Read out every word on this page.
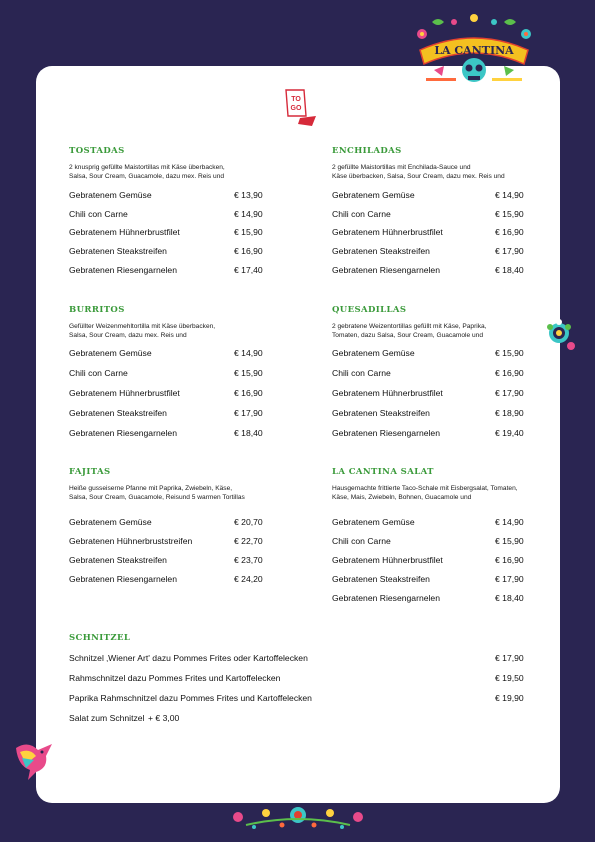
LA CANTINA
TO
GO
TOSTADAS
2 knusprig gefüllte Maistortillas mit Käse überbacken,
Salsa, Sour Cream, Guacamole, dazu mex. Reis und
Gebratenem Gemüse	€ 13,90
Chili con Carne	€ 14,90
Gebratenem Hühnerbrustfilet	€ 15,90
Gebratenen Steakstreifen	€ 16,90
Gebratenen Riesengarnelen	€ 17,40
ENCHILADAS
2 gefüllte Maistortillas mit Enchilada-Sauce und
Käse überbacken, Salsa, Sour Cream, dazu mex. Reis und
Gebratenem Gemüse	€ 14,90
Chili con Carne	€ 15,90
Gebratenem Hühnerbrustfilet	€ 16,90
Gebratenen Steakstreifen	€ 17,90
Gebratenen Riesengarnelen	€ 18,40
BURRITOS
Gefüllter Weizenmehltortilla mit Käse überbacken,
Salsa, Sour Cream, dazu mex. Reis und
Gebratenem Gemüse	€ 14,90
Chili con Carne	€ 15,90
Gebratenem Hühnerbrustfilet	€ 16,90
Gebratenen Steakstreifen	€ 17,90
Gebratenen Riesengarnelen	€ 18,40
QUESADILLAS
2 gebratene Weizentortillas gefüllt mit Käse, Paprika,
Tomaten, dazu Salsa, Sour Cream, Guacamole und
Gebratenem Gemüse	€ 15,90
Chili con Carne	€ 16,90
Gebratenem Hühnerbrustfilet	€ 17,90
Gebratenen Steakstreifen	€ 18,90
Gebratenen Riesengarnelen	€ 19,40
FAJITAS
Heiße gusseiserne Pfanne mit Paprika, Zwiebeln, Käse,
Salsa, Sour Cream, Guacamole, Reisund 5 warmen Tortillas
Gebratenem Gemüse	€ 20,70
Gebratenen Hühnerbruststreifen	€ 22,70
Gebratenen Steakstreifen	€ 23,70
Gebratenen Riesengarnelen	€ 24,20
LA CANTINA SALAT
Hausgemachte frittierte Taco-Schale mit Eisbergsalat, Tomaten,
Käse, Mais, Zwiebeln, Bohnen, Guacamole und
Gebratenem Gemüse	€ 14,90
Chili con Carne	€ 15,90
Gebratenem Hühnerbrustfilet	€ 16,90
Gebratenen Steakstreifen	€ 17,90
Gebratenen Riesengarnelen	€ 18,40
SCHNITZEL
Schnitzel ‚Wiener Art' dazu Pommes Frites oder Kartoffelecken	€ 17,90
Rahmschnitzel dazu Pommes Frites und Kartoffelecken	€ 19,50
Paprika Rahmschnitzel dazu Pommes Frites und Kartoffelecken	€ 19,90
Salat zum Schnitzel + € 3,00
